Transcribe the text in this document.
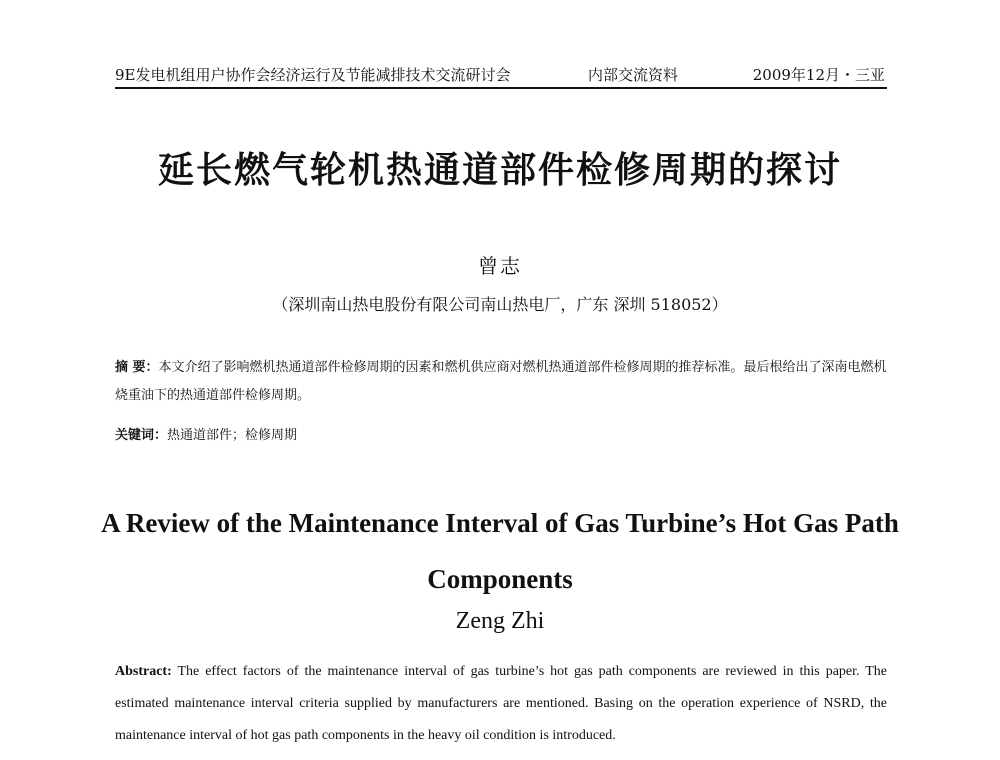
9E发电机组用户协作会经济运行及节能减排技术交流研讨会	内部交流资料	2009年12月・三亚
延长燃气轮机热通道部件检修周期的探讨
曾志
（深圳南山热电股份有限公司南山热电厂，广东 深圳 518052）
摘 要：本文介绍了影响燃机热通道部件检修周期的因素和燃机供应商对燃机热通道部件检修周期的推荐标准。最后根给出了深南电燃机烧重油下的热通道部件检修周期。
关键词：热通道部件；检修周期
A Review of the Maintenance Interval of Gas Turbine’s Hot Gas Path Components
Zeng Zhi
Abstract: The effect factors of the maintenance interval of gas turbine’s hot gas path components are reviewed in this paper. The estimated maintenance interval criteria supplied by manufacturers are mentioned. Basing on the operation experience of NSRD, the maintenance interval of hot gas path components in the heavy oil condition is introduced.
